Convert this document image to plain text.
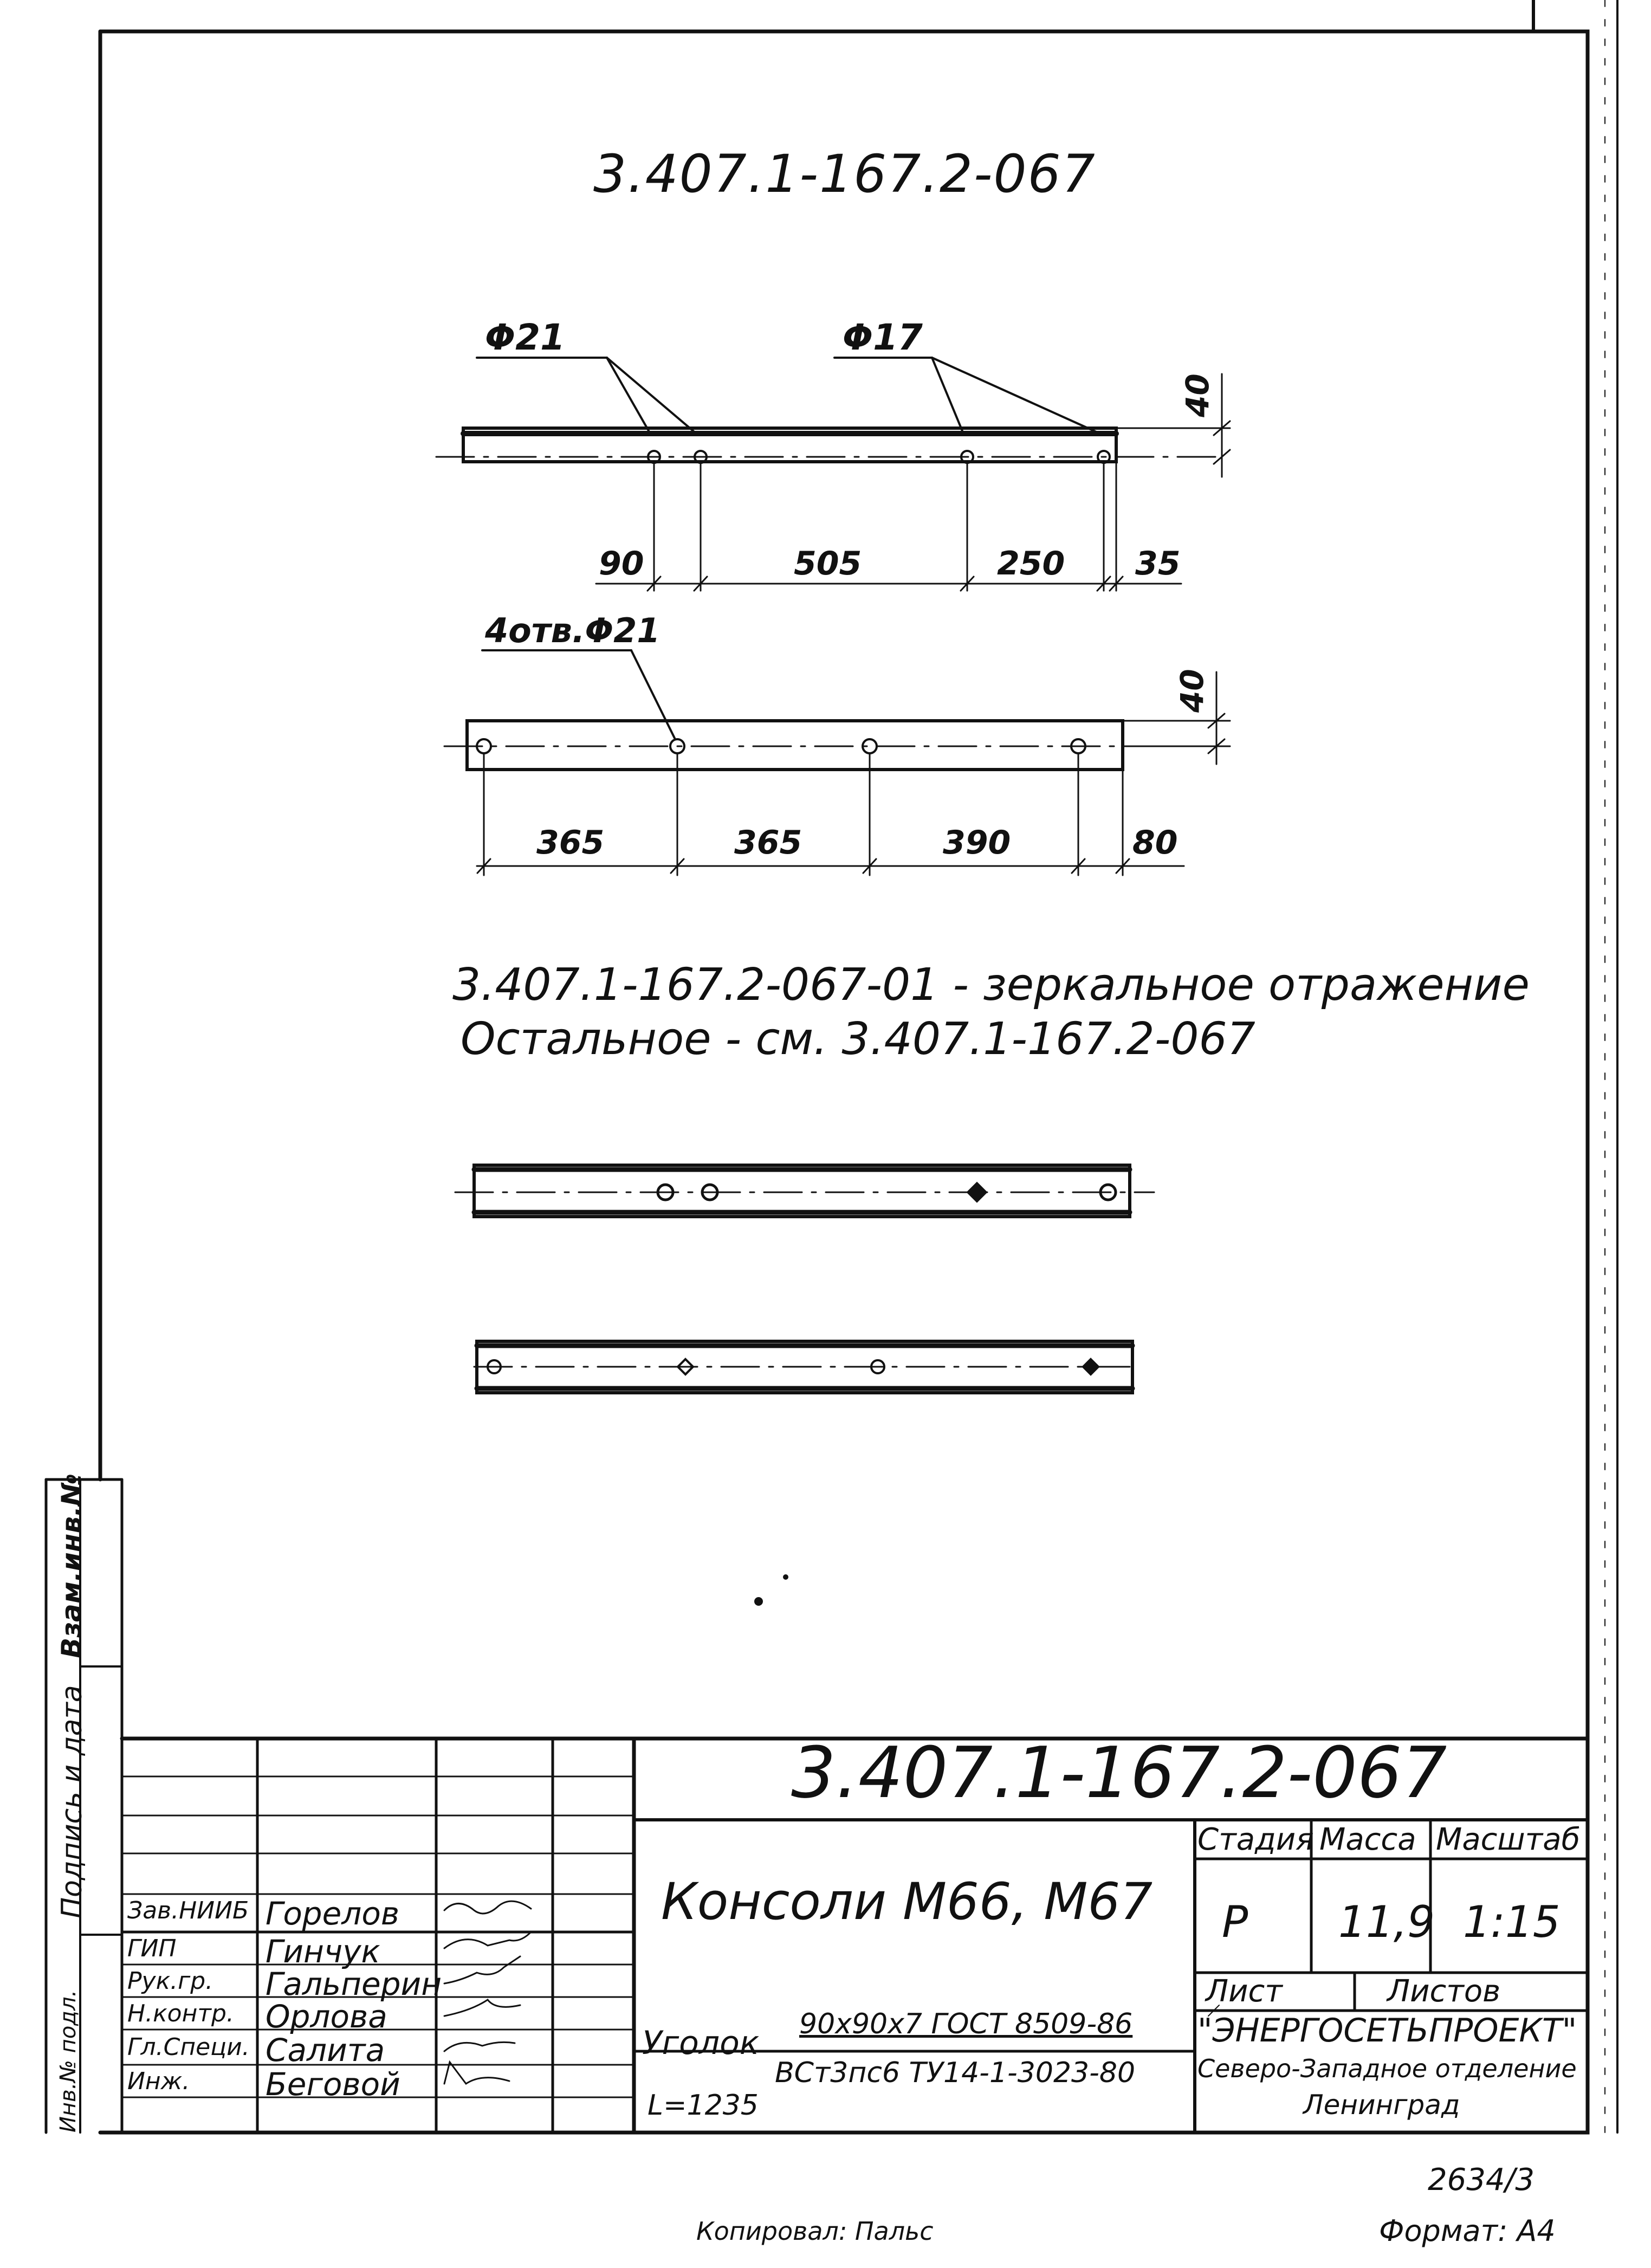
Φ21	Φ17
40
90	505	250 35
4отв.Φ21
40
365	365	390	80
3.407.1-167.2-067
3.407.1-167.2-067-01 - зеркальное отражение
Остальное - см. 3.407.1-167.2-067
Инв.№ подл.
Подпись и дата
Взам.инв.№
3.407.1-167.2-067
Консоли М66, М67
Стадия Масса Масштаб
Р 11,9 1:15
Лист	Листов
"ЭНЕРГОСЕТЬПРОЕКТ"
Северо-Западное отделение
Ленинград
Уголок 90x90x7 ГОСТ 8509-86
ВСт3пс6 ТУ14-1-3023-80
L=1235
Зав.НИИБ Горелов
ГИП	Гинчук
Рук.гр. Гальперин
Н.контр. Орлова
Гл.Специ. Салита
Инж. Беговой
2634/3
Копировал: Пальс	Формат: А4
